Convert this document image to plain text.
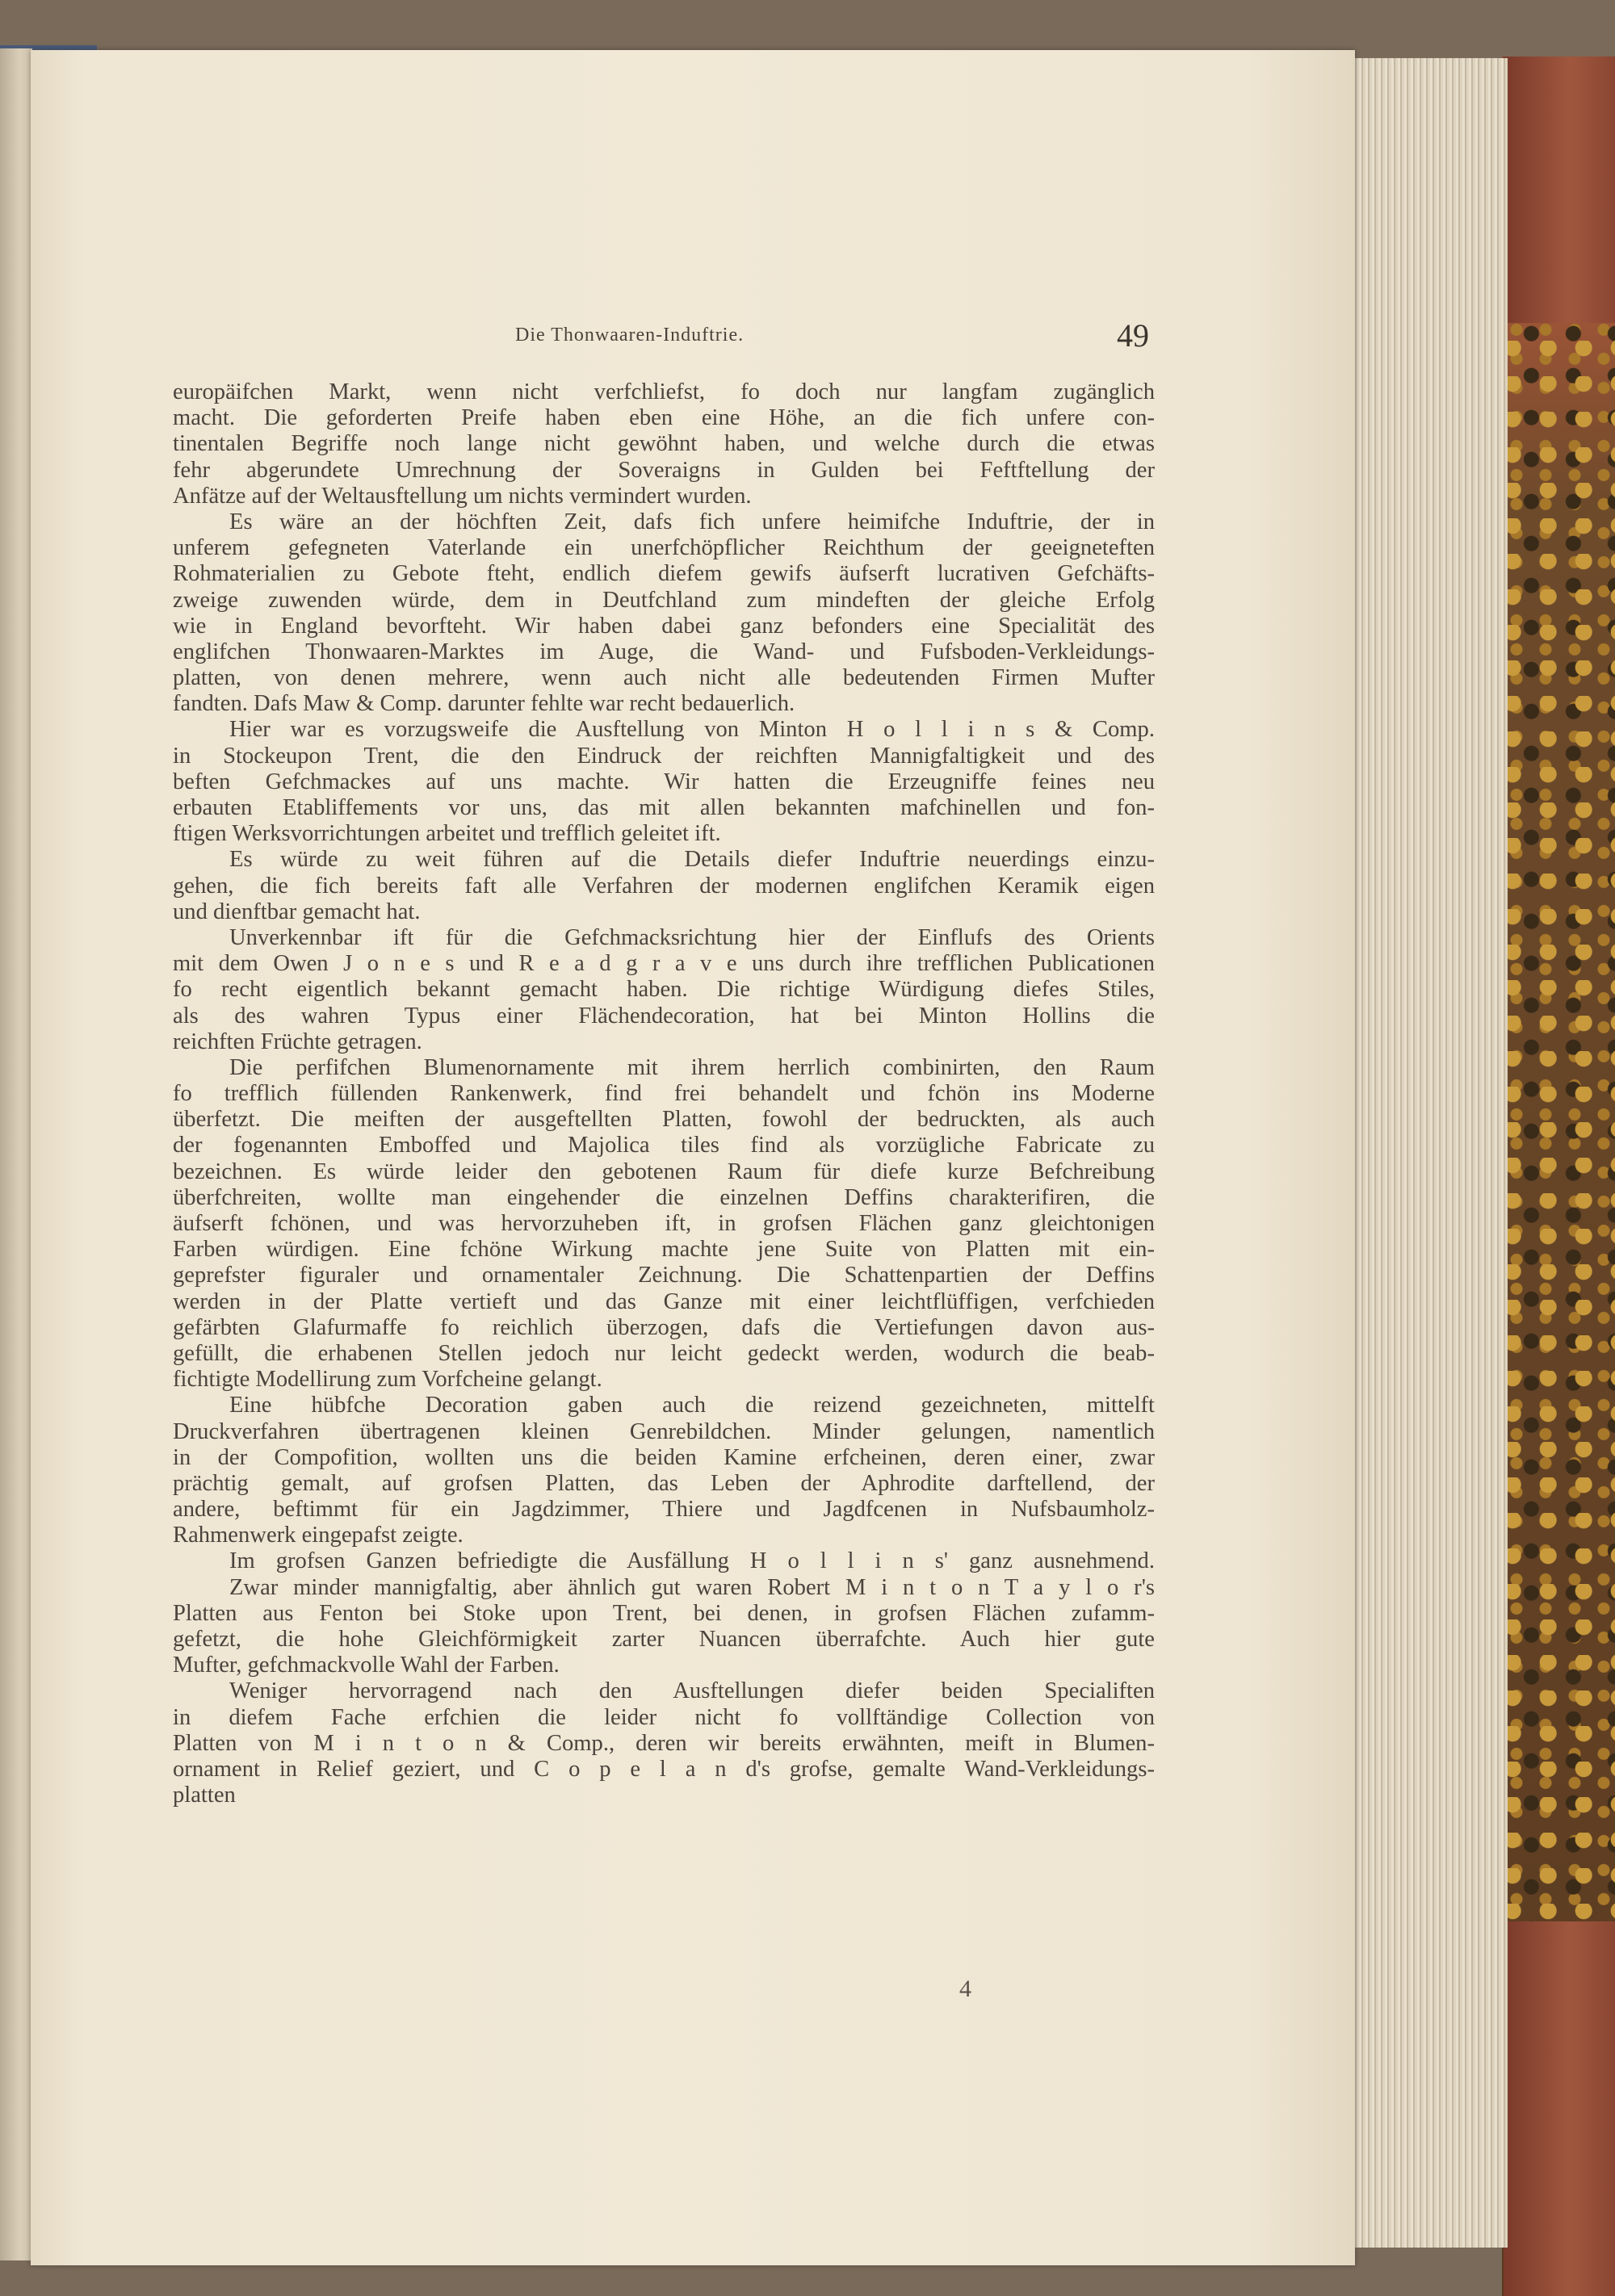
Die Thonwaaren-Induftrie.	49
europäifchen Markt, wenn nicht verfchliefst, fo doch nur langfam zugänglich
macht. Die geforderten Preife haben eben eine Höhe, an die fich unfere con-
tinentalen Begriffe noch lange nicht gewöhnt haben, und welche durch die etwas
fehr abgerundete Umrechnung der Soveraigns in Gulden bei Feftftellung der
Anfätze auf der Weltausftellung um nichts vermindert wurden.
Es wäre an der höchften Zeit, dafs fich unfere heimifche Induftrie, der in
unferem gefegneten Vaterlande ein unerfchöpflicher Reichthum der geeigneteften
Rohmaterialien zu Gebote fteht, endlich diefem gewifs äufserft lucrativen Gefchäfts-
zweige zuwenden würde, dem in Deutfchland zum mindeften der gleiche Erfolg
wie in England bevorfteht. Wir haben dabei ganz befonders eine Specialität des
englifchen Thonwaaren-Marktes im Auge, die Wand- und Fufsboden-Verkleidungs-
platten, von denen mehrere, wenn auch nicht alle bedeutenden Firmen Mufter
fandten. Dafs Maw & Comp. darunter fehlte war recht bedauerlich.
Hier war es vorzugsweife die Ausftellung von Minton H o l l i n s & Comp.
in Stockeupon Trent, die den Eindruck der reichften Mannigfaltigkeit und des
beften Gefchmackes auf uns machte. Wir hatten die Erzeugniffe feines neu
erbauten Etabliffements vor uns, das mit allen bekannten mafchinellen und fon-
ftigen Werksvorrichtungen arbeitet und trefflich geleitet ift.
Es würde zu weit führen auf die Details diefer Induftrie neuerdings einzu-
gehen, die fich bereits faft alle Verfahren der modernen englifchen Keramik eigen
und dienftbar gemacht hat.
Unverkennbar ift für die Gefchmacksrichtung hier der Einflufs des Orients
mit dem Owen J o n e s und R e a d g r a v e uns durch ihre trefflichen Publicationen
fo recht eigentlich bekannt gemacht haben. Die richtige Würdigung diefes Stiles,
als des wahren Typus einer Flächendecoration, hat bei Minton Hollins die
reichften Früchte getragen.
Die perfifchen Blumenornamente mit ihrem herrlich combinirten, den Raum
fo trefflich füllenden Rankenwerk, find frei behandelt und fchön ins Moderne
überfetzt. Die meiften der ausgeftellten Platten, fowohl der bedruckten, als auch
der fogenannten Emboffed und Majolica tiles find als vorzügliche Fabricate zu
bezeichnen. Es würde leider den gebotenen Raum für diefe kurze Befchreibung
überfchreiten, wollte man eingehender die einzelnen Deffins charakterifiren, die
äufserft fchönen, und was hervorzuheben ift, in grofsen Flächen ganz gleichtonigen
Farben würdigen. Eine fchöne Wirkung machte jene Suite von Platten mit ein-
geprefster figuraler und ornamentaler Zeichnung. Die Schattenpartien der Deffins
werden in der Platte vertieft und das Ganze mit einer leichtflüffigen, verfchieden
gefärbten Glafurmaffe fo reichlich überzogen, dafs die Vertiefungen davon aus-
gefüllt, die erhabenen Stellen jedoch nur leicht gedeckt werden, wodurch die beab-
fichtigte Modellirung zum Vorfcheine gelangt.
Eine hübfche Decoration gaben auch die reizend gezeichneten, mittelft
Druckverfahren übertragenen kleinen Genrebildchen. Minder gelungen, namentlich
in der Compofition, wollten uns die beiden Kamine erfcheinen, deren einer, zwar
prächtig gemalt, auf grofsen Platten, das Leben der Aphrodite darftellend, der
andere, beftimmt für ein Jagdzimmer, Thiere und Jagdfcenen in Nufsbaumholz-
Rahmenwerk eingepafst zeigte.
Im grofsen Ganzen befriedigte die Ausfällung H o l l i n s' ganz ausnehmend.
Zwar minder mannigfaltig, aber ähnlich gut waren Robert M i n t o n T a y l o r's
Platten aus Fenton bei Stoke upon Trent, bei denen, in grofsen Flächen zufamm-
gefetzt, die hohe Gleichförmigkeit zarter Nuancen überrafchte. Auch hier gute
Mufter, gefchmackvolle Wahl der Farben.
Weniger hervorragend nach den Ausftellungen diefer beiden Specialiften
in diefem Fache erfchien die leider nicht fo vollftändige Collection von
Platten von M i n t o n & Comp., deren wir bereits erwähnten, meift in Blumen-
ornament in Relief geziert, und C o p e l a n d's grofse, gemalte Wand-Verkleidungs-
platten
4
